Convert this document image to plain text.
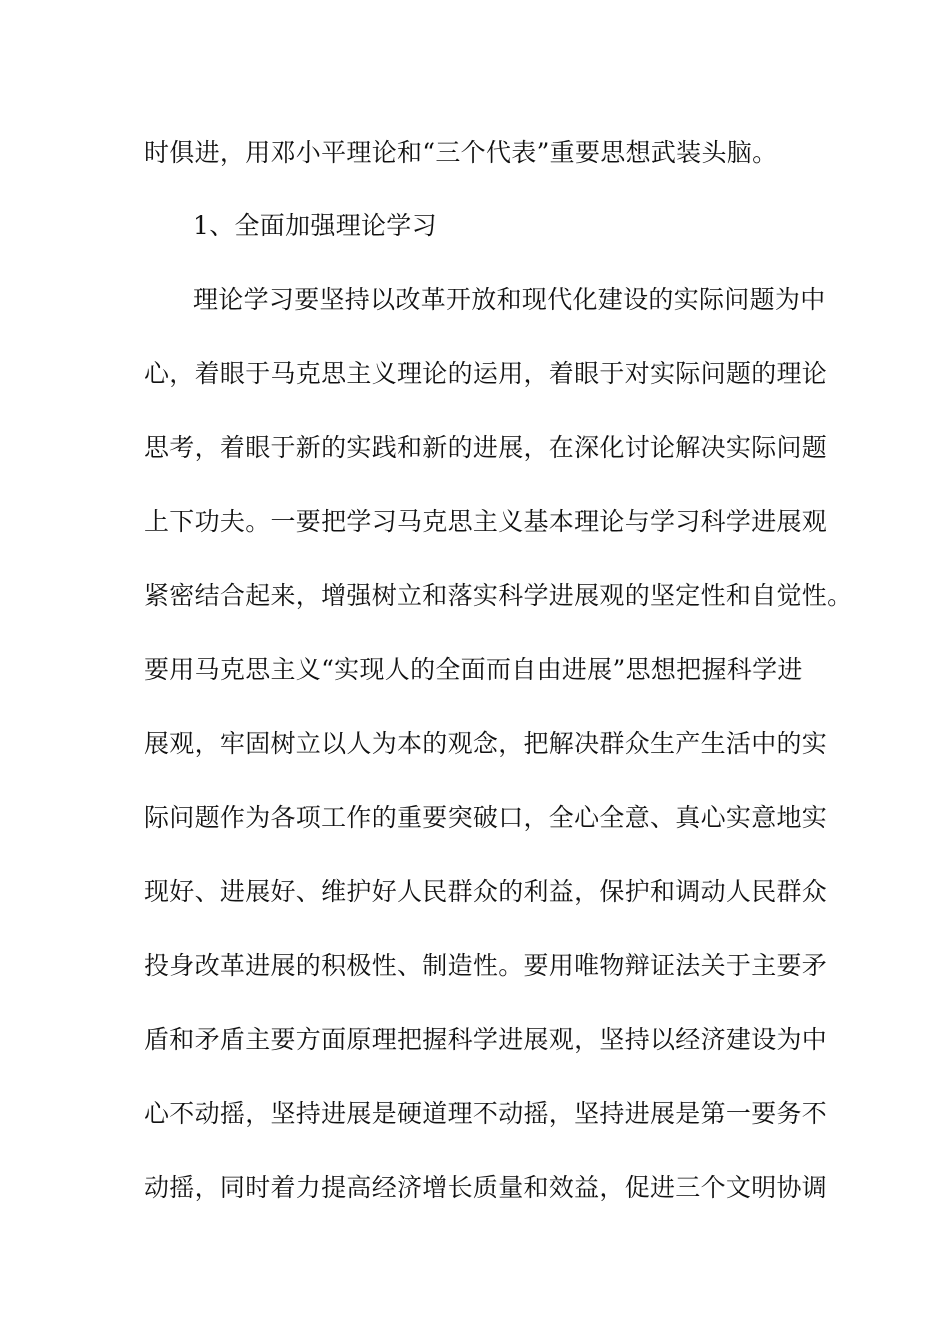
时俱进，用邓小平理论和“三个代表”重要思想武装头脑。
1、全面加强理论学习
理论学习要坚持以改革开放和现代化建设的实际问题为中
心，着眼于马克思主义理论的运用，着眼于对实际问题的理论
思考，着眼于新的实践和新的进展，在深化讨论解决实际问题
上下功夫。一要把学习马克思主义基本理论与学习科学进展观
紧密结合起来，增强树立和落实科学进展观的坚定性和自觉性。
要用马克思主义“实现人的全面而自由进展”思想把握科学进
展观，牢固树立以人为本的观念，把解决群众生产生活中的实
际问题作为各项工作的重要突破口，全心全意、真心实意地实
现好、进展好、维护好人民群众的利益，保护和调动人民群众
投身改革进展的积极性、制造性。要用唯物辩证法关于主要矛
盾和矛盾主要方面原理把握科学进展观，坚持以经济建设为中
心不动摇，坚持进展是硬道理不动摇，坚持进展是第一要务不
动摇，同时着力提高经济增长质量和效益，促进三个文明协调
